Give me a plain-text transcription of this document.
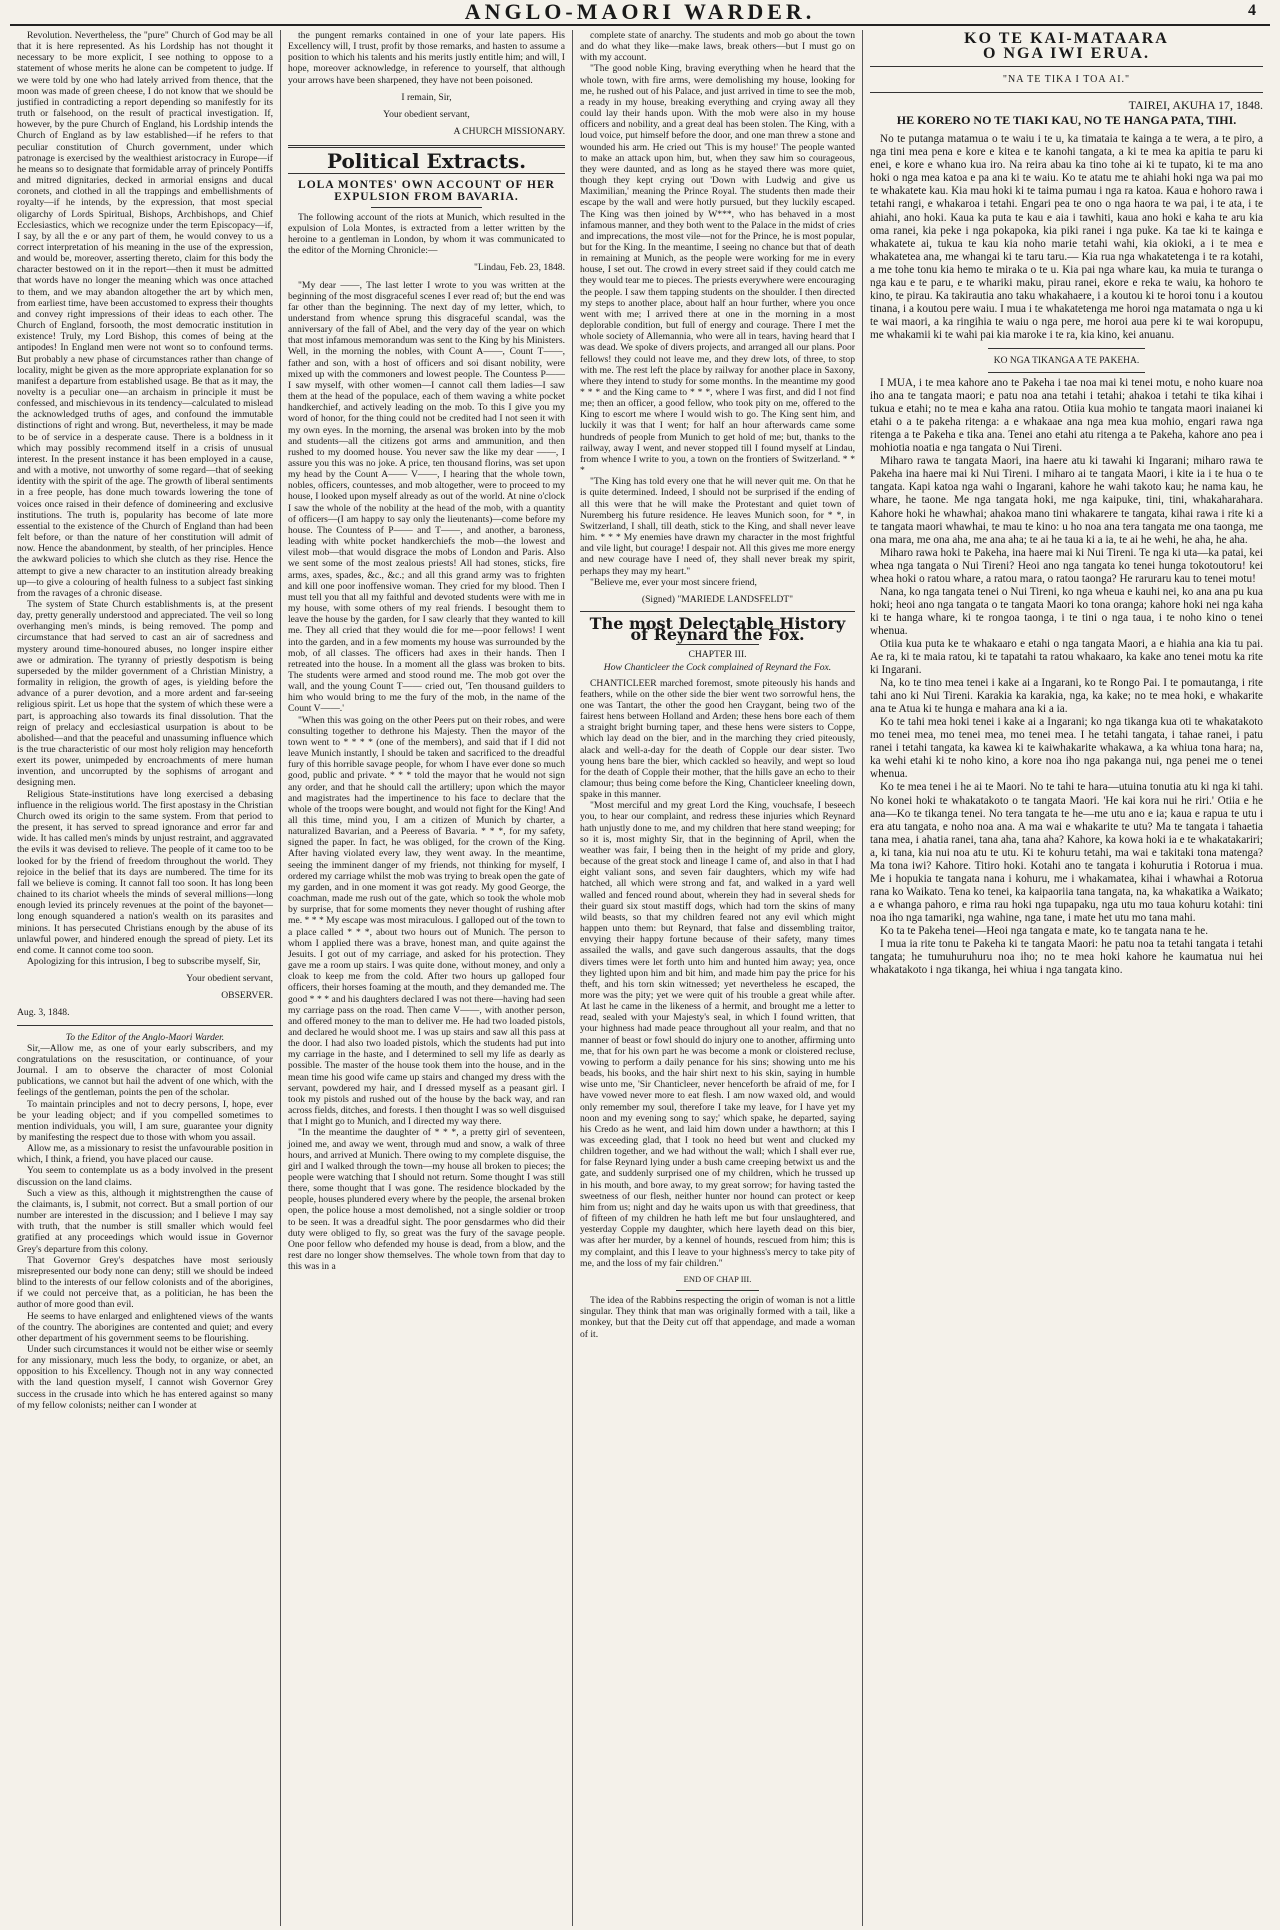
ANGLO-MAORI WARDER.	4

Revolution. Nevertheless, the "pure" Church of God may be all that it is here represented. As his Lordship has not thought it necessary to be more explicit, I see nothing to oppose to a statement of whose merits he alone can be competent to judge. If we were told by one who had lately arrived from thence, that the moon was made of green cheese, I do not know that we should be justified in contradicting a report depending so manifestly for its truth or falsehood, on the result of practical investigation. If, however, by the pure Church of England, his Lordship intends the Church of England as by law established—if he refers to that peculiar constitution of Church government, under which patronage is exercised by the wealthiest aristocracy in Europe—if he means so to designate that formidable array of princely Pontiffs and mitred dignitaries, decked in armorial ensigns and ducal coronets, and clothed in all the trappings and embellishments of royalty—if he intends, by the expression, that most special oligarchy of Lords Spiritual, Bishops, Archbishops, and Chief Ecclesiastics, which we recognize under the term Episcopacy—if, I say, by all the e or any part of them, he would convey to us a correct interpretation of his meaning in the use of the expression, and would be, moreover, asserting thereto, claim for this body the character bestowed on it in the report—then it must be admitted that words have no longer the meaning which was once attached to them, and we may abandon altogether the art by which men, from earliest time, have been accustomed to express their thoughts and convey right impressions of their ideas to each other. The Church of England, forsooth, the most democratic institution in existence! Truly, my Lord Bishop, this comes of being at the antipodes! In England men were not wont so to confound terms. But probably a new phase of circumstances rather than change of locality, might be given as the more appropriate explanation for so manifest a departure from established usage. Be that as it may, the novelty is a peculiar one—an archaism in principle it must be confessed, and mischievous in its tendency—calculated to mislead the acknowledged truths of ages, and confound the immutable distinctions of right and wrong. But, nevertheless, it may be made to be of service in a desperate cause. There is a boldness in it which may possibly recommend itself in a crisis of unusual interest. In the present instance it has been employed in a cause, and with a motive, not unworthy of some regard—that of seeking identity with the spirit of the age. The growth of liberal sentiments in a free people, has done much towards lowering the tone of voices once raised in their defence of domineering and exclusive institutions. The truth is, popularity has become of late more essential to the existence of the Church of England than had been felt before, or than the nature of her constitution will admit of now. Hence the abandonment, by stealth, of her principles. Hence the awkward policies to which she clutch as they rise. Hence the attempt to give a new character to an institution already breaking up—to give a colouring of health fulness to a subject fast sinking from the ravages of a chronic disease.

The system of State Church establishments is, at the present day, pretty generally understood and appreciated. The veil so long overhanging men's minds, is being removed. The pomp and circumstance that had served to cast an air of sacredness and mystery around time-honoured abuses, no longer inspire either awe or admiration. The tyranny of priestly despotism is being superseded by the milder government of a Christian Ministry, a formality in religion, the growth of ages, is yielding before the advance of a purer devotion, and a more ardent and far-seeing religious spirit. Let us hope that the system of which these were a part, is approaching also towards its final dissolution. That the reign of prelacy and ecclesiastical usurpation is about to be abolished—and that the peaceful and unassuming influence which is the true characteristic of our most holy religion may henceforth exert its power, unimpeded by encroachments of mere human invention, and uncorrupted by the sophisms of arrogant and designing men.

Religious State-institutions have long exercised a debasing influence in the religious world. The first apostasy in the Christian Church owed its origin to the same system. From that period to the present, it has served to spread ignorance and error far and wide. It has called men's minds by unjust restraint, and aggravated the evils it was devised to relieve. The people of it came too to be looked for by the friend of freedom throughout the world. They rejoice in the belief that its days are numbered. The time for its fall we believe is coming. It cannot fall too soon. It has long been chained to its chariot wheels the minds of several millions—long enough levied its princely revenues at the point of the bayonet—long enough squandered a nation's wealth on its parasites and minions. It has persecuted Christians enough by the abuse of its unlawful power, and hindered enough the spread of piety. Let its end come. It cannot come too soon.

Apologizing for this intrusion, I beg to subscribe myself, Sir,

Your obedient servant,
OBSERVER.
Aug. 3, 1848.

To the Editor of the Anglo-Maori Warder.

Sir,—Allow me, as one of your early subscribers, and my congratulations on the resuscitation, or continuance, of your Journal. I am to observe the character of most Colonial publications, we cannot but hail the advent of one which, with the feelings of the gentleman, points the pen of the scholar.

To maintain principles and not to decry persons, I, hope, ever be your leading object; and if you compelled sometimes to mention individuals, you will, I am sure, guarantee your dignity by manifesting the respect due to those with whom you assail.

Allow me, as a missionary to resist the unfavourable position in which, I think, a friend, you have placed our cause.

You seem to contemplate us as a body involved in the present discussion on the land claims.

Such a view as this, although it mightstrengthen the cause of the claimants, is, I submit, not correct. But a small portion of our number are interested in the discussion; and I believe I may say with truth, that the number is still smaller which would feel gratified at any proceedings which would issue in Governor Grey's departure from this colony.

That Governor Grey's despatches have most seriously misrepresented our body none can deny; still we should be indeed blind to the interests of our fellow colonists and of the aborigines, if we could not perceive that, as a politician, he has been the author of more good than evil.

He seems to have enlarged and enlightened views of the wants of the country. The aborigines are contented and quiet; and every other department of his government seems to be flourishing.

Under such circumstances it would not be either wise or seemly for any missionary, much less the body, to organize, or abet, an opposition to his Excellency. Though not in any way connected with the land question myself, I cannot wish Governor Grey success in the crusade into which he has entered against so many of my fellow colonists; neither can I wonder at

the pungent remarks contained in one of your late papers. His Excellency will, I trust, profit by those remarks, and hasten to assume a position to which his talents and his merits justly entitle him; and will, I hope, moreover acknowledge, in reference to yourself, that although your arrows have been sharpened, they have not been poisoned.

I remain, Sir,
Your obedient servant,
A CHURCH MISSIONARY.
Political Extracts.
LOLA MONTES' OWN ACCOUNT OF HER EXPULSION FROM BAVARIA.

The following account of the riots at Munich, which resulted in the expulsion of Lola Montes, is extracted from a letter written by the heroine to a gentleman in London, by whom it was communicated to the editor of the Morning Chronicle:—

"Lindau, Feb. 23, 1848.

"My dear ——, The last letter I wrote to you was written at the beginning of the most disgraceful scenes I ever read of; but the end was far other than the beginning. The next day of my letter, which, to understand from whence sprung this disgraceful scandal, was the anniversary of the fall of Abel, and the very day of the year on which that most infamous memorandum was sent to the King by his Ministers. Well, in the morning the nobles, with Count A——, Count T——, father and son, with a host of officers and soi disant nobility, were mixed up with the commoners and lowest people. The Countess P—— I saw myself, with other women—I cannot call them ladies—I saw them at the head of the populace, each of them waving a white pocket handkerchief, and actively leading on the mob. To this I give you my word of honor, for the thing could not be credited had I not seen it with my own eyes. In the morning, the arsenal was broken into by the mob and students—all the citizens got arms and ammunition, and then rushed to my doomed house. You never saw the like my dear ——, I assure you this was no joke. A price, ten thousand florins, was set upon my head by the Count A—— V——, I hearing that the whole town, nobles, officers, countesses, and mob altogether, were to proceed to my house, I looked upon myself already as out of the world. At nine o'clock I saw the whole of the nobility at the head of the mob, with a quantity of officers—(I am happy to say only the lieutenants)—come before my house. The Countess of P—— and T——, and another, a baroness, leading with white pocket handkerchiefs the mob—the lowest and vilest mob—that would disgrace the mobs of London and Paris. Also we sent some of the most zealous priests! All had stones, sticks, fire arms, axes, spades, &c., &c.; and all this grand army was to frighten and kill one poor inoffensive woman. They cried for my blood. Then I must tell you that all my faithful and devoted students were with me in my house, with some others of my real friends. I besought them to leave the house by the garden, for I saw clearly that they wanted to kill me. They all cried that they would die for me—poor fellows! I went into the garden, and in a few moments my house was surrounded by the mob, of all classes. The officers had axes in their hands. Then I retreated into the house. In a moment all the glass was broken to bits. The students were armed and stood round me. The mob got over the wall, and the young Count T—— cried out, 'Ten thousand guilders to him who would bring to me the fury of the mob, in the name of the Count V——.'

"When this was going on the other Peers put on their robes, and were consulting together to dethrone his Majesty. Then the mayor of the town went to * * * * (one of the members), and said that if I did not leave Munich instantly, I should be taken and sacrificed to the dreadful fury of this horrible savage people, for whom I have ever done so much good, public and private. * * * told the mayor that he would not sign any order, and that he should call the artillery; upon which the mayor and magistrates had the impertinence to his face to declare that the whole of the troops were bought, and would not fight for the King! And all this time, mind you, I am a citizen of Munich by charter, a naturalized Bavarian, and a Peeress of Bavaria. * * *, for my safety, signed the paper. In fact, he was obliged, for the crown of the King. After having violated every law, they went away. In the meantime, seeing the imminent danger of my friends, not thinking for myself, I ordered my carriage whilst the mob was trying to break open the gate of my garden, and in one moment it was got ready. My good George, the coachman, made me rush out of the gate, which so took the whole mob by surprise, that for some moments they never thought of rushing after me. * * * My escape was most miraculous. I galloped out of the town to a place called * * *, about two hours out of Munich. The person to whom I applied there was a brave, honest man, and quite against the Jesuits. I got out of my carriage, and asked for his protection. They gave me a room up stairs. I was quite done, without money, and only a cloak to keep me from the cold. After two hours up galloped four officers, their horses foaming at the mouth, and they demanded me. The good * * * and his daughters declared I was not there—having had seen my carriage pass on the road. Then came V——, with another person, and offered money to the man to deliver me. He had two loaded pistols, and declared he would shoot me. I was up stairs and saw all this pass at the door. I had also two loaded pistols, which the students had put into my carriage in the haste, and I determined to sell my life as dearly as possible. The master of the house took them into the house, and in the mean time his good wife came up stairs and changed my dress with the servant, powdered my hair, and I dressed myself as a peasant girl. I took my pistols and rushed out of the house by the back way, and ran across fields, ditches, and forests. I then thought I was so well disguised that I might go to Munich, and I directed my way there.

"In the meantime the daughter of * * *, a pretty girl of seventeen, joined me, and away we went, through mud and snow, a walk of three hours, and arrived at Munich. There owing to my complete disguise, the girl and I walked through the town—my house all broken to pieces; the people were watching that I should not return. Some thought I was still there, some thought that I was gone. The residence blockaded by the people, houses plundered every where by the people, the arsenal broken open, the police house a most demolished, not a single soldier or troop to be seen. It was a dreadful sight. The poor gensdarmes who did their duty were obliged to fly, so great was the fury of the savage people. One poor fellow who defended my house is dead, from a blow, and the rest dare no longer show themselves. The whole town from that day to this was in a

complete state of anarchy. The students and mob go about the town and do what they like—make laws, break others—but I must go on with my account.

"The good noble King, braving everything when he heard that the whole town, with fire arms, were demolishing my house, looking for me, he rushed out of his Palace, and just arrived in time to see the mob, a ready in my house, breaking everything and crying away all they could lay their hands upon. With the mob were also in my house officers and nobility, and a great deal has been stolen. The King, with a loud voice, put himself before the door, and one man threw a stone and wounded his arm. He cried out 'This is my house!' The people wanted to make an attack upon him, but, when they saw him so courageous, they were daunted, and as long as he stayed there was more quiet, though they kept crying out 'Down with Ludwig and give us Maximilian,' meaning the Prince Royal. The students then made their escape by the wall and were hotly pursued, but they luckily escaped. The King was then joined by W***, who has behaved in a most infamous manner, and they both went to the Palace in the midst of cries and imprecations, the most vile—not for the Prince, he is most popular, but for the King. In the meantime, I seeing no chance but that of death in remaining at Munich, as the people were working for me in every house, I set out. The crowd in every street said if they could catch me they would tear me to pieces. The priests everywhere were encouraging the people. I saw them tapping students on the shoulder. I then directed my steps to another place, about half an hour further, where you once went with me; I arrived there at one in the morning in a most deplorable condition, but full of energy and courage. There I met the whole society of Allemannia, who were all in tears, having heard that I was dead. We spoke of divers projects, and arranged all our plans. Poor fellows! they could not leave me, and they drew lots, of three, to stop with me. The rest left the place by railway for another place in Saxony, where they intend to study for some months. In the meantime my good * * * and the King came to * * *, where I was first, and did I not find me; then an officer, a good fellow, who took pity on me, offered to the King to escort me where I would wish to go. The King sent him, and luckily it was that I went; for half an hour afterwards came some hundreds of people from Munich to get hold of me; but, thanks to the railway, away I went, and never stopped till I found myself at Lindau, from whence I write to you, a town on the frontiers of Switzerland. * * *

"The King has told every one that he will never quit me. On that he is quite determined. Indeed, I should not be surprised if the ending of all this were that he will make the Protestant and quiet town of Nuremberg his future residence. He leaves Munich soon, for * *, in Switzerland, I shall, till death, stick to the King, and shall never leave him. * * * My enemies have drawn my character in the most frightful and vile light, but courage! I despair not. All this gives me more energy and new courage have I need of, they shall never break my spirit, perhaps they may my heart."

"Believe me, ever your most sincere friend,

(Signed) "MARIEDE LANDSFELDT"
The most Delectable History of Reynard the Fox.

CHAPTER III.

How Chanticleer the Cock complained of Reynard the Fox.

CHANTICLEER marched foremost, smote piteously his hands and feathers, while on the other side the bier went two sorrowful hens, the one was Tantart, the other the good hen Craygant, being two of the fairest hens between Holland and Arden; these hens bore each of them a straight bright burning taper, and these hens were sisters to Coppe, which lay dead on the bier, and in the marching they cried piteously, alack and well-a-day for the death of Copple our dear sister. Two young hens bare the bier, which cackled so heavily, and wept so loud for the death of Copple their mother, that the hills gave an echo to their clamour; thus being come before the King, Chanticleer kneeling down, spake in this manner.

"Most merciful and my great Lord the King, vouchsafe, I beseech you, to hear our complaint, and redress these injuries which Reynard hath unjustly done to me, and my children that here stand weeping; for so it is, most mighty Sir, that in the beginning of April, when the weather was fair, I being then in the height of my pride and glory, because of the great stock and lineage I came of, and also in that I had eight valiant sons, and seven fair daughters, which my wife had hatched, all which were strong and fat, and walked in a yard well walled and fenced round about, wherein they had in several sheds for their guard six stout mastiff dogs, which had torn the skins of many wild beasts, so that my children feared not any evil which might happen unto them: but Reynard, that false and dissembling traitor, envying their happy fortune because of their safety, many times assailed the walls, and gave such dangerous assaults, that the dogs divers times were let forth unto him and hunted him away; yea, once they lighted upon him and bit him, and made him pay the price for his theft, and his torn skin witnessed; yet nevertheless he escaped, the more was the pity; yet we were quit of his trouble a great while after. At last he came in the likeness of a hermit, and brought me a letter to read, sealed with your Majesty's seal, in which I found written, that your highness had made peace throughout all your realm, and that no manner of beast or fowl should do injury one to another, affirming unto me, that for his own part he was become a monk or cloistered recluse, vowing to perform a daily penance for his sins; showing unto me his beads, his books, and the hair shirt next to his skin, saying in humble wise unto me, 'Sir Chanticleer, never henceforth be afraid of me, for I have vowed never more to eat flesh. I am now waxed old, and would only remember my soul, therefore I take my leave, for I have yet my noon and my evening song to say;' which spake, he departed, saying his Credo as he went, and laid him down under a hawthorn; at this I was exceeding glad, that I took no heed but went and clucked my children together, and we had without the wall; which I shall ever rue, for false Reynard lying under a bush came creeping betwixt us and the gate, and suddenly surprised one of my children, which he trussed up in his mouth, and bore away, to my great sorrow; for having tasted the sweetness of our flesh, neither hunter nor hound can protect or keep him from us; night and day he waits upon us with that greediness, that of fifteen of my children he hath left me but four unslaughtered, and yesterday Copple my daughter, which here layeth dead on this bier, was after her murder, by a kennel of hounds, rescued from him; this is my complaint, and this I leave to your highness's mercy to take pity of me, and the loss of my fair children."

END OF CHAP III.

The idea of the Rabbins respecting the origin of woman is not a little singular. They think that man was originally formed with a tail, like a monkey, but that the Deity cut off that appendage, and made a woman of it.

KO TE KAI-MATAARA
O NGA IWI ERUA.
"NA TE TIKA I TOA AI."
TAIREI, AKUHA 17, 1848.
HE KORERO NO TE TIAKI KAU, NO TE HANGA PATA, TIHI.

No te putanga matamua o te waiu i te u, ka timataia te kainga a te wera, a te piro, a nga tini mea pena e kore e kitea e te kanohi tangata, a ki te mea ka apitia te paru ki enei, e kore e whano kua iro. Na reira abau ka tino tohe ai ki te tupato, ki te ma ano hoki o nga mea katoa e pa ana ki te waiu. Ko te atatu me te ahiahi hoki nga wa pai mo te whakatete kau. Kia mau hoki ki te taima pumau i nga ra katoa. Kaua e hohoro rawa i tetahi rangi, e whakaroa i tetahi. Engari pea te ono o nga haora te wa pai, i te ata, i te ahiahi, ano hoki. Kaua ka puta te kau e aia i tawhiti, kaua ano hoki e kaha te aru kia oma ranei, kia peke i nga pokapoka, kia piki ranei i nga puke. Ka tae ki te kainga e whakatete ai, tukua te kau kia noho marie tetahi wahi, kia okioki, a i te mea e whakatetea ana, me whangai ki te taru taru.— Kia rua nga whakatetenga i te ra kotahi, a me tohe tonu kia hemo te miraka o te u. Kia pai nga whare kau, ka muia te turanga o nga kau e te paru, e te whariki maku, pirau ranei, ekore e reka te waiu, ka hohoro te kino, te pirau. Ka takirautia ano taku whakahaere, i a koutou ki te horoi tonu i a koutou tinana, i a koutou pere waiu. I mua i te whakatetenga me horoi nga matamata o nga u ki te wai maori, a ka ringihia te waiu o nga pere, me horoi aua pere ki te wai koropupu, me whakamii ki te wahi pai kia maroke i te ra, kia kino, kei anuanu.

KO NGA TIKANGA A TE PAKEHA.

I MUA, i te mea kahore ano te Pakeha i tae noa mai ki tenei motu, e noho kuare noa iho ana te tangata maori; e patu noa ana tetahi i tetahi; ahakoa i tetahi te tika kihai i tukua e etahi; no te mea e kaha ana ratou. Otiia kua mohio te tangata maori inaianei ki etahi o a te pakeha ritenga: a e whakaae ana nga mea kua mohio, engari rawa nga ritenga a te Pakeha e tika ana. Tenei ano etahi atu ritenga a te Pakeha, kahore ano pea i mohiotia noatia e nga tangata o Nui Tireni.

Miharo rawa te tangata Maori, ina haere atu ki tawahi ki Ingarani; miharo rawa te Pakeha ina haere mai ki Nui Tireni. I miharo ai te tangata Maori, i kite ia i te hua o te tangata. Kapi katoa nga wahi o Ingarani, kahore he wahi takoto kau; he nama kau, he whare, he taone. Me nga tangata hoki, me nga kaipuke, tini, tini, whakaharahara. Kahore hoki he whawhai; ahakoa mano tini whakarere te tangata, kihai rawa i rite ki a te tangata maori whawhai, te mau te kino: u ho noa ana tera tangata me ona taonga, me ona mara, me ona aha, me ana aha; te ai he taua ki a ia, te ai he wehi, he aha, he aha.

Miharo rawa hoki te Pakeha, ina haere mai ki Nui Tireni. Te nga ki uta—ka patai, kei whea nga tangata o Nui Tireni? Heoi ano nga tangata ko tenei hunga tokotoutoru! kei whea hoki o ratou whare, a ratou mara, o ratou taonga? He raruraru kau to tenei motu!

Nana, ko nga tangata tenei o Nui Tireni, ko nga wheua e kauhi nei, ko ana ana pu kua hoki; heoi ano nga tangata o te tangata Maori ko tona oranga; kahore hoki nei nga kaha ki te hanga whare, ki te rongoa taonga, i te tini o nga taua, i te noho kino o tenei whenua.

Otiia kua puta ke te whakaaro e etahi o nga tangata Maori, a e hiahia ana kia tu pai. Ae ra, ki te maia ratou, ki te tapatahi ta ratou whakaaro, ka kake ano tenei motu ka rite ki Ingarani.

Na, ko te tino mea tenei i kake ai a Ingarani, ko te Rongo Pai. I te pomautanga, i rite tahi ano ki Nui Tireni. Karakia ka karakia, nga, ka kake; no te mea hoki, e whakarite ana te Atua ki te hunga e mahara ana ki a ia.

Ko te tahi mea hoki tenei i kake ai a Ingarani; ko nga tikanga kua oti te whakatakoto mo tenei mea, mo tenei mea, mo tenei mea. I he tetahi tangata, i tahae ranei, i patu ranei i tetahi tangata, ka kawea ki te kaiwhakarite whakawa, a ka whiua tona hara; na, ka wehi etahi ki te noho kino, a kore noa iho nga pakanga nui, nga penei me o tenei whenua.

Ko te mea tenei i he ai te Maori. No te tahi te hara—utuina tonutia atu ki nga ki tahi. No konei hoki te whakatakoto o te tangata Maori. 'He kai kora nui he riri.' Otiia e he ana—Ko te tikanga tenei. No tera tangata te he—me utu ano e ia; kaua e rapua te utu i era atu tangata, e noho noa ana. A ma wai e whakarite te utu? Ma te tangata i tahaetia tana mea, i ahatia ranei, tana aha, tana aha? Kahore, ka kowa hoki ia e te whakatakariri; a, ki tana, kia nui noa atu te utu. Ki te kohuru tetahi, ma wai e takitaki tona matenga? Ma tona iwi? Kahore. Titiro hoki. Kotahi ano te tangata i kohurutia i Rotorua i mua. Me i hopukia te tangata nana i kohuru, me i whakamatea, kihai i whawhai a Rotorua rana ko Waikato. Tena ko tenei, ka kaipaoriia tana tangata, na, ka whakatika a Waikato; a e whanga pahoro, e rima rau hoki nga tupapaku, nga utu mo taua kohuru kotahi: tini noa iho nga tamariki, nga wahine, nga tane, i mate het utu mo tana mahi.

Ko ta te Pakeha tenei—Heoi nga tangata e mate, ko te tangata nana te he.

I mua ia rite tonu te Pakeha ki te tangata Maori: he patu noa ta tetahi tangata i tetahi tangata; he tumuhuruhuru noa iho; no te mea hoki kahore he kaumatua nui hei whakatakoto i nga tikanga, hei whiua i nga tangata kino.
